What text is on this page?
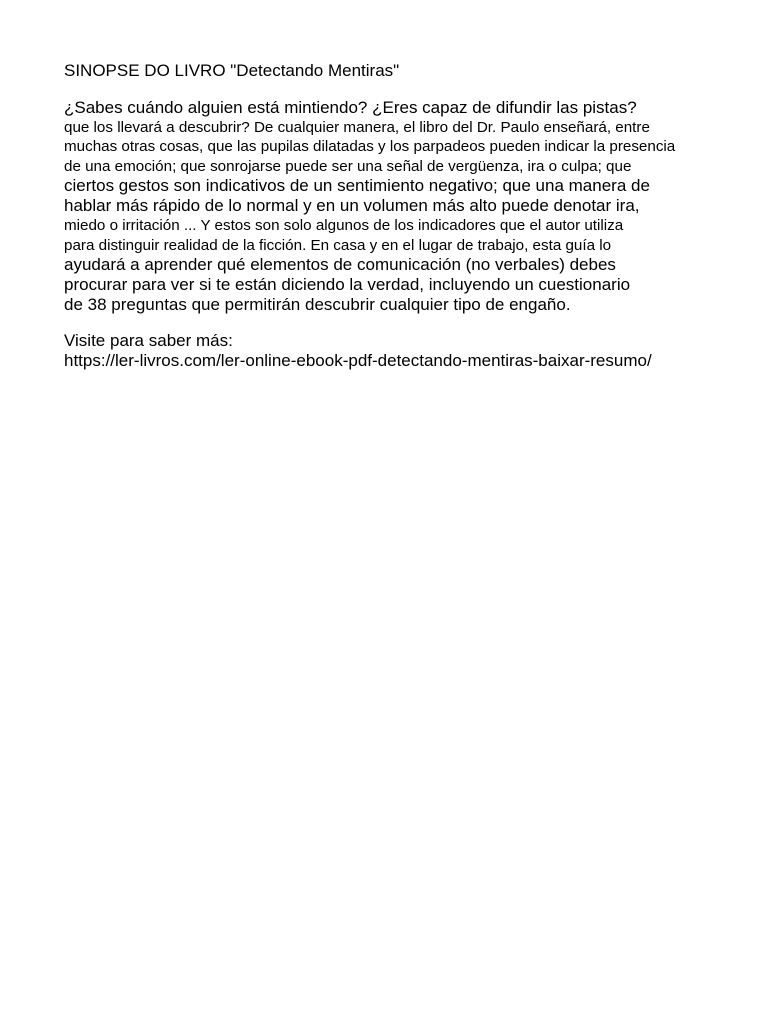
SINOPSE DO LIVRO "Detectando Mentiras"
¿Sabes cuándo alguien está mintiendo? ¿Eres capaz de difundir las pistas?
que los llevará a descubrir? De cualquier manera, el libro del Dr. Paulo enseñará, entre
muchas otras cosas, que las pupilas dilatadas y los parpadeos pueden indicar la presencia
de una emoción; que sonrojarse puede ser una señal de vergüenza, ira o culpa; que
ciertos gestos son indicativos de un sentimiento negativo; que una manera de
hablar más rápido de lo normal y en un volumen más alto puede denotar ira,
miedo o irritación ... Y estos son solo algunos de los indicadores que el autor utiliza
para distinguir realidad de la ficción. En casa y en el lugar de trabajo, esta guía lo
ayudará a aprender qué elementos de comunicación (no verbales) debes
procurar para ver si te están diciendo la verdad, incluyendo un cuestionario
de 38 preguntas que permitirán descubrir cualquier tipo de engaño.
Visite para saber más:
https://ler-livros.com/ler-online-ebook-pdf-detectando-mentiras-baixar-resumo/
